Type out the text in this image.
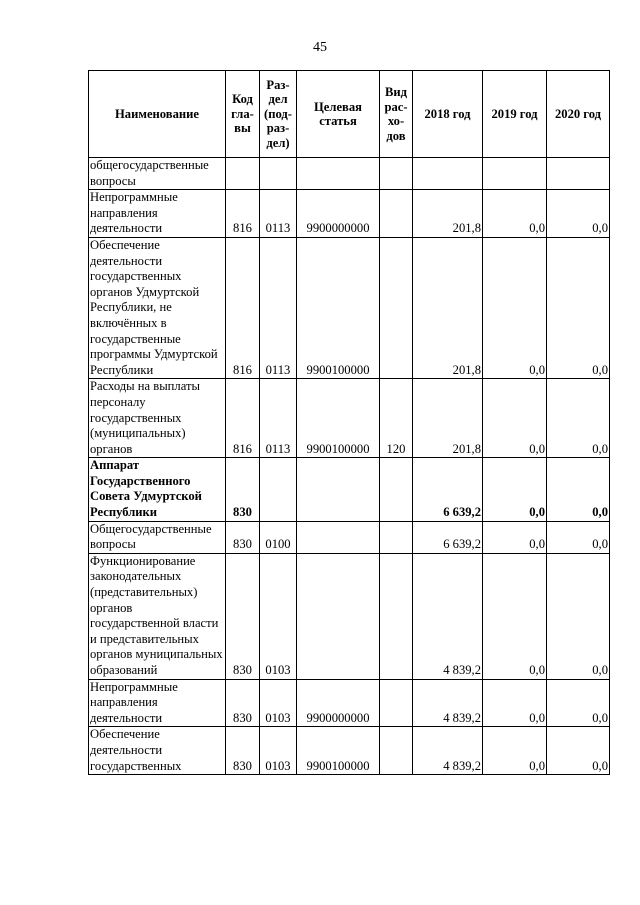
45
Наименование	Код гла- вы	Раз- дел (под- раз- дел)	Целевая статья	Вид рас- хо- дов	2018 год	2019 год	2020 год
общегосударственные вопросы							
Непрограммные направления деятельности	816	0113	9900000000		201,8	0,0	0,0
Обеспечение деятельности государственных органов Удмуртской Республики, не включённых в государственные программы Удмуртской Республики	816	0113	9900100000		201,8	0,0	0,0
Расходы на выплаты персоналу государственных (муниципальных) органов	816	0113	9900100000	120	201,8	0,0	0,0
Аппарат Государственного Совета Удмуртской Республики	830				6 639,2	0,0	0,0
Общегосударственные вопросы	830	0100			6 639,2	0,0	0,0
Функционирование законодательных (представительных) органов государственной власти и представительных органов муниципальных образований	830	0103			4 839,2	0,0	0,0
Непрограммные направления деятельности	830	0103	9900000000		4 839,2	0,0	0,0
Обеспечение деятельности государственных	830	0103	9900100000		4 839,2	0,0	0,0
